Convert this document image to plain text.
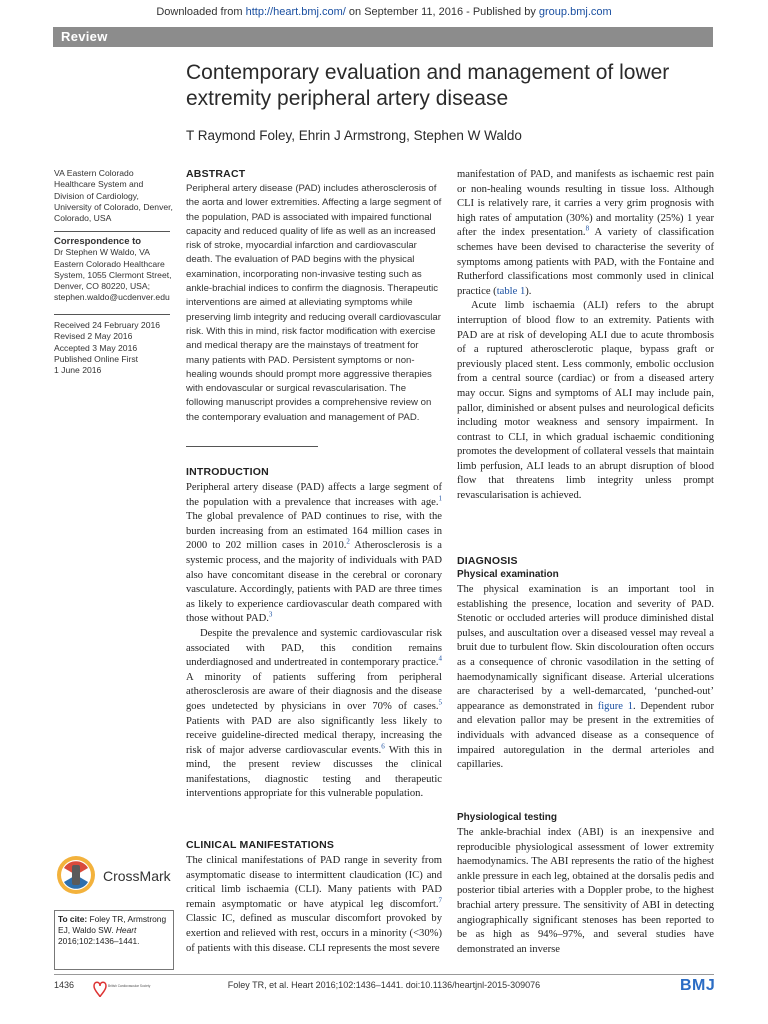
Downloaded from http://heart.bmj.com/ on September 11, 2016 - Published by group.bmj.com
Review
Contemporary evaluation and management of lower extremity peripheral artery disease
T Raymond Foley, Ehrin J Armstrong, Stephen W Waldo
VA Eastern Colorado Healthcare System and Division of Cardiology, University of Colorado, Denver, Colorado, USA
Correspondence to
Dr Stephen W Waldo, VA Eastern Colorado Healthcare System, 1055 Clermont Street, Denver, CO 80220, USA; stephen.waldo@ucdenver.edu
Received 24 February 2016
Revised 2 May 2016
Accepted 3 May 2016
Published Online First
1 June 2016
CrossMark
To cite: Foley TR, Armstrong EJ, Waldo SW. Heart 2016;102:1436–1441.
ABSTRACT
Peripheral artery disease (PAD) includes atherosclerosis of the aorta and lower extremities. Affecting a large segment of the population, PAD is associated with impaired functional capacity and reduced quality of life as well as an increased risk of stroke, myocardial infarction and cardiovascular death. The evaluation of PAD begins with the physical examination, incorporating non-invasive testing such as ankle-brachial indices to confirm the diagnosis. Therapeutic interventions are aimed at alleviating symptoms while preserving limb integrity and reducing overall cardiovascular risk. With this in mind, risk factor modification with exercise and medical therapy are the mainstays of treatment for many patients with PAD. Persistent symptoms or non-healing wounds should prompt more aggressive therapies with endovascular or surgical revascularisation. The following manuscript provides a comprehensive review on the contemporary evaluation and management of PAD.
INTRODUCTION

Peripheral artery disease (PAD) affects a large segment of the population with a prevalence that increases with age.$^1$ The global prevalence of PAD continues to rise, with the burden increasing from an estimated 164 million cases in 2000 to 202 million cases in 2010.$^2$ Atherosclerosis is a systemic process, and the majority of individuals with PAD also have concomitant disease in the cerebral or coronary vasculature. Accordingly, patients with PAD are three times as likely to experience cardiovascular death compared with those without PAD.$^3$

Despite the prevalence and systemic cardiovascular risk associated with PAD, this condition remains underdiagnosed and undertreated in contemporary practice.$^4$ A minority of patients suffering from peripheral atherosclerosis are aware of their diagnosis and the disease goes undetected by physicians in over 70% of cases.$^5$ Patients with PAD are also significantly less likely to receive guideline-directed medical therapy, increasing the risk of major adverse cardiovascular events.$^6$ With this in mind, the present review discusses the clinical manifestations, diagnostic testing and therapeutic interventions appropriate for this vulnerable population.

CLINICAL MANIFESTATIONS

The clinical manifestations of PAD range in severity from asymptomatic disease to intermittent claudication (IC) and critical limb ischaemia (CLI). Many patients with PAD remain asymptomatic or have atypical leg discomfort.$^7$ Classic IC, defined as muscular discomfort provoked by exertion and relieved with rest, occurs in a minority (<30%) of patients with this disease. CLI represents the most severe

manifestation of PAD, and manifests as ischaemic rest pain or non-healing wounds resulting in tissue loss. Although CLI is relatively rare, it carries a very grim prognosis with high rates of amputation (30%) and mortality (25%) 1 year after the index presentation.$^8$ A variety of classification schemes have been devised to characterise the severity of symptoms among patients with PAD, with the Fontaine and Rutherford classifications most commonly used in clinical practice (table 1).

Acute limb ischaemia (ALI) refers to the abrupt interruption of blood flow to an extremity. Patients with PAD are at risk of developing ALI due to acute thrombosis of a ruptured atherosclerotic plaque, bypass graft or previously placed stent. Less commonly, embolic occlusion from a central source (cardiac) or from a diseased artery may occur. Signs and symptoms of ALI may include pain, pallor, diminished or absent pulses and neurological deficits including motor weakness and sensory impairment. In contrast to CLI, in which gradual ischaemic conditioning promotes the development of collateral vessels that maintain limb perfusion, ALI leads to an abrupt disruption of blood flow that threatens limb integrity unless prompt revascularisation is achieved.

DIAGNOSIS
Physical examination

The physical examination is an important tool in establishing the presence, location and severity of PAD. Stenotic or occluded arteries will produce diminished distal pulses, and auscultation over a diseased vessel may reveal a bruit due to turbulent flow. Skin discolouration often occurs as a consequence of chronic vasodilation in the setting of haemodynamically significant disease. Arterial ulcerations are characterised by a well-demarcated, ‘punched-out’ appearance as demonstrated in figure 1. Dependent rubor and elevation pallor may be present in the extremities of individuals with advanced disease as a consequence of impaired autoregulation in the dermal arterioles and capillaries.

Physiological testing

The ankle-brachial index (ABI) is an inexpensive and reproducible physiological assessment of lower extremity haemodynamics. The ABI represents the ratio of the highest ankle pressure in each leg, obtained at the dorsalis pedis and posterior tibial arteries with a Doppler probe, to the highest brachial artery pressure. The sensitivity of ABI in detecting angiographically significant stenoses has been reported to be as high as 94%–97%, and several studies have demonstrated an inverse

1436	British Cardiovascular Society	Foley TR, et al. Heart 2016;102:1436–1441. doi:10.1136/heartjnl-2015-309076	BMJ
